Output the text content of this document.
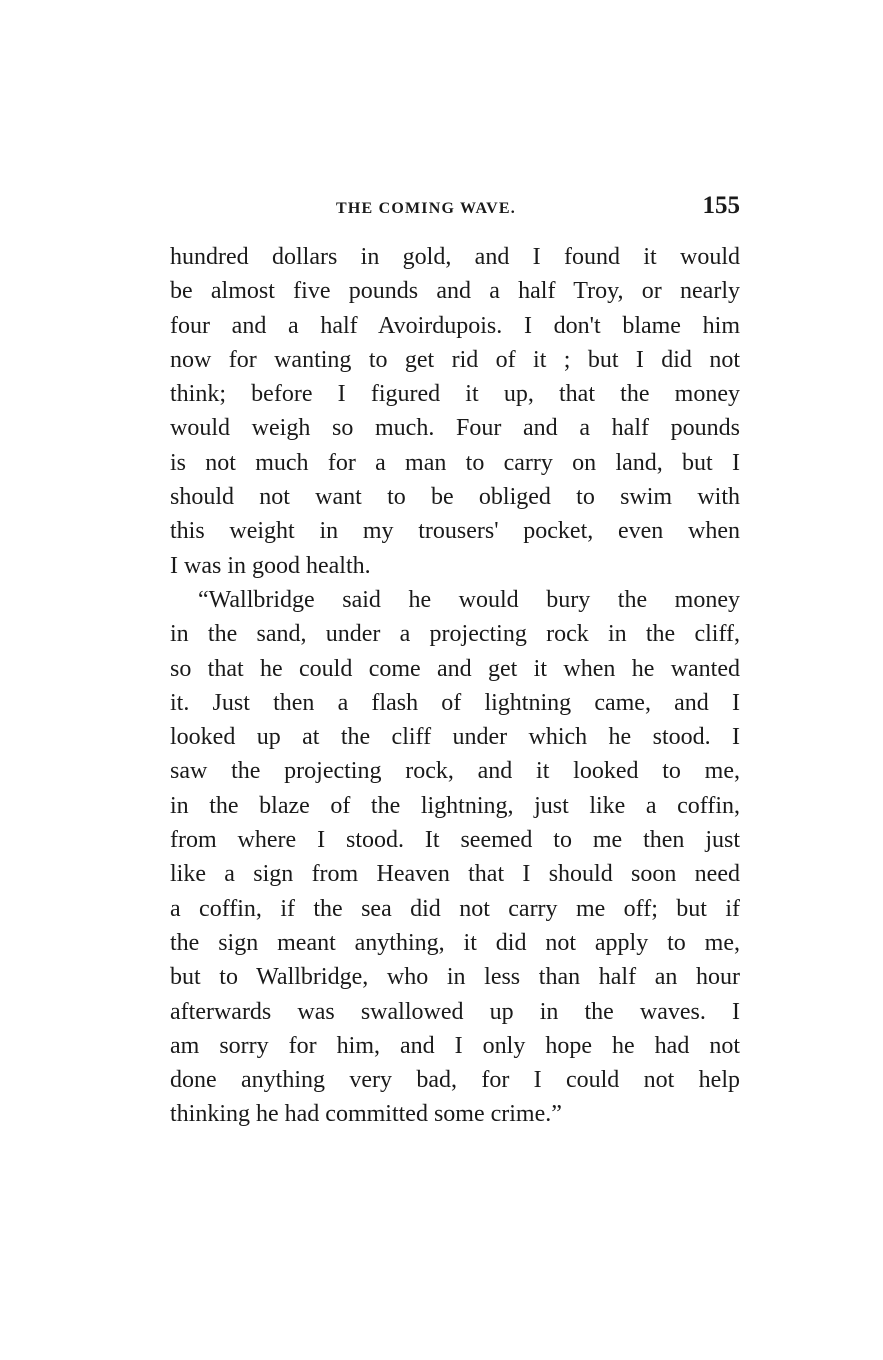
THE COMING WAVE.	155
hundred dollars in gold, and I found it would
be almost five pounds and a half Troy, or nearly
four and a half Avoirdupois. I don't blame him
now for wanting to get rid of it ; but I did not
think; before I figured it up, that the money
would weigh so much. Four and a half pounds
is not much for a man to carry on land, but I
should not want to be obliged to swim with
this weight in my trousers' pocket, even when
I was in good health.
“Wallbridge said he would bury the money
in the sand, under a projecting rock in the cliff,
so that he could come and get it when he wanted
it. Just then a flash of lightning came, and I
looked up at the cliff under which he stood. I
saw the projecting rock, and it looked to me,
in the blaze of the lightning, just like a coffin,
from where I stood. It seemed to me then just
like a sign from Heaven that I should soon need
a coffin, if the sea did not carry me off; but if
the sign meant anything, it did not apply to me,
but to Wallbridge, who in less than half an hour
afterwards was swallowed up in the waves. I
am sorry for him, and I only hope he had not
done anything very bad, for I could not help
thinking he had committed some crime.”
